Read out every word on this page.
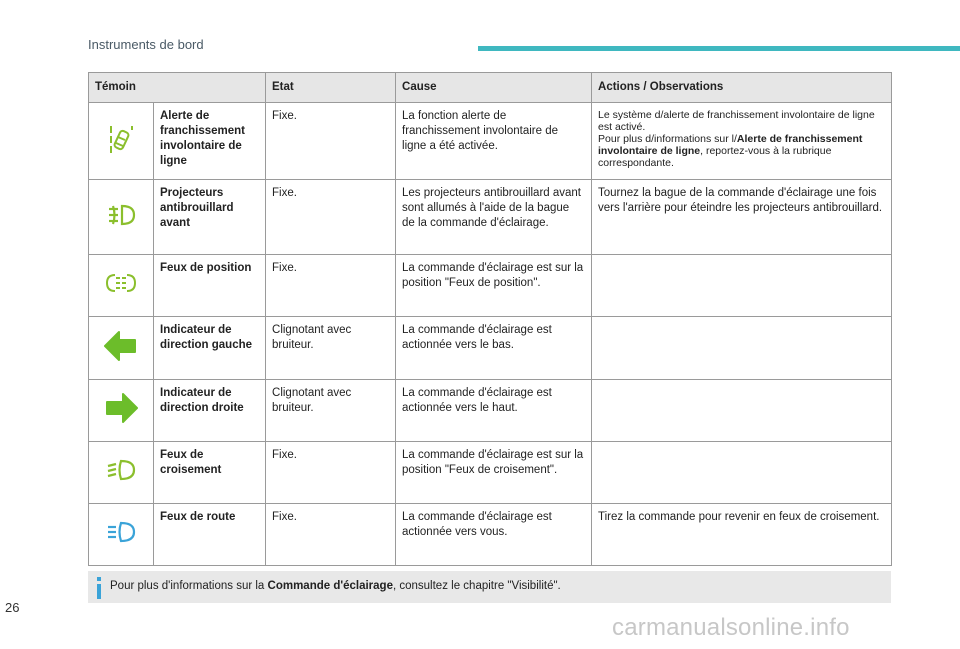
Instruments de bord
Témoin		Etat	Cause	Actions / Observations
	Alerte de franchissement involontaire de ligne	Fixe.	La fonction alerte de franchissement involontaire de ligne a été activée.	Le système d/alerte de franchissement involontaire de ligne est activé.
Pour plus d/informations sur l/Alerte de franchissement involontaire de ligne, reportez-vous à la rubrique correspondante.
	Projecteurs antibrouillard avant	Fixe.	Les projecteurs antibrouillard avant sont allumés à l'aide de la bague de la commande d'éclairage.	Tournez la bague de la commande d'éclairage une fois vers l'arrière pour éteindre les projecteurs antibrouillard.
	Feux de position	Fixe.	La commande d'éclairage est sur la position "Feux de position".	
	Indicateur de direction gauche	Clignotant avec bruiteur.	La commande d'éclairage est actionnée vers le bas.	
	Indicateur de direction droite	Clignotant avec bruiteur.	La commande d'éclairage est actionnée vers le haut.	
	Feux de croisement	Fixe.	La commande d'éclairage est sur la position "Feux de croisement".	
	Feux de route	Fixe.	La commande d'éclairage est actionnée vers vous.	Tirez la commande pour revenir en feux de croisement.
Pour plus d'informations sur la Commande d'éclairage, consultez le chapitre "Visibilité".
26
carmanualsonline.info
